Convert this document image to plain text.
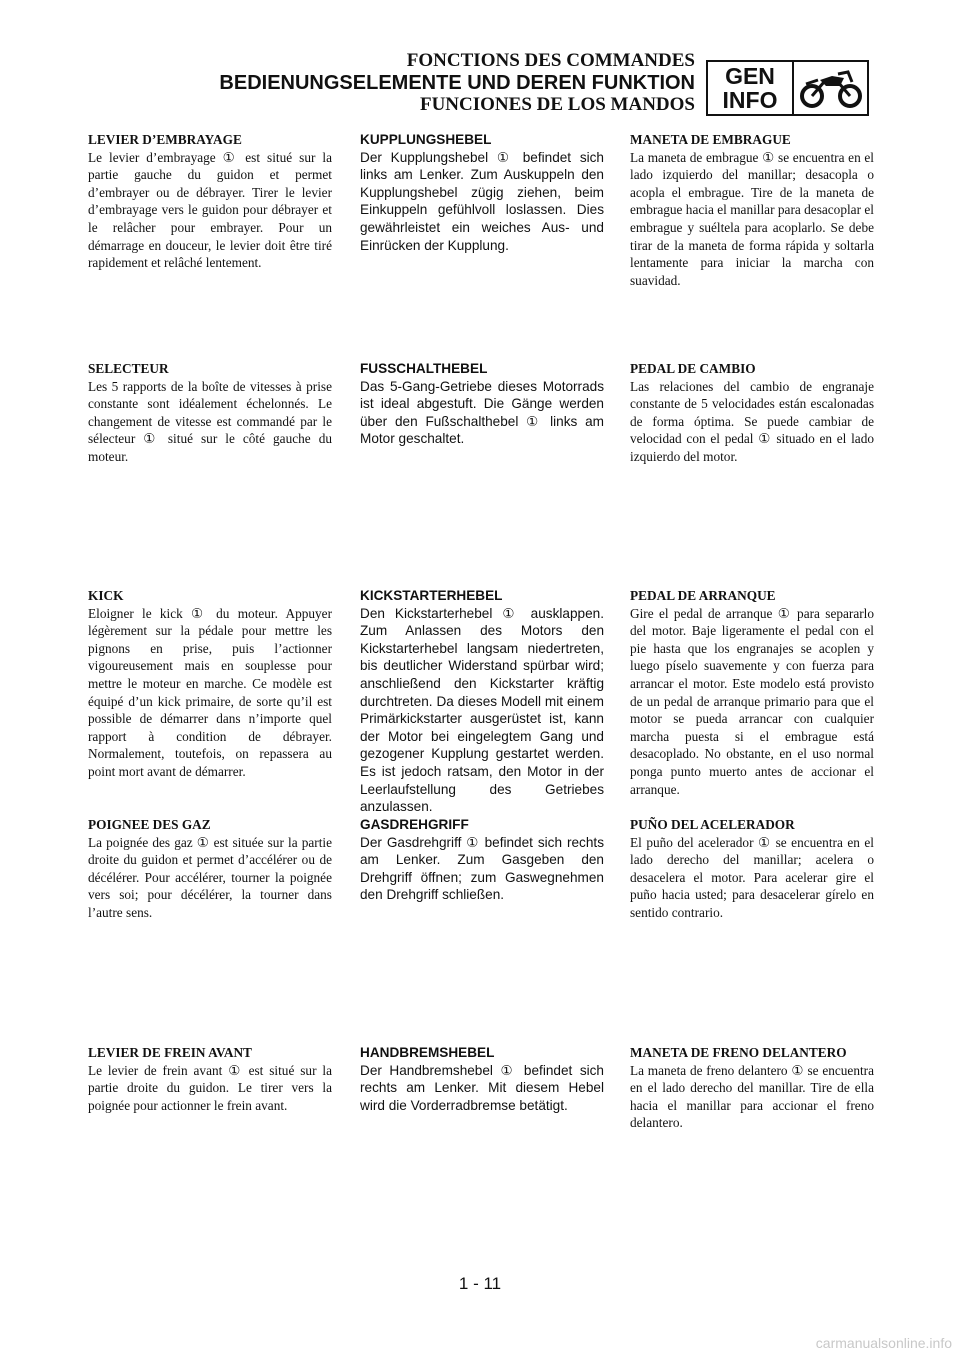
FONCTIONS DES COMMANDES
BEDIENUNGSELEMENTE UND DEREN FUNKTION
FUNCIONES DE LOS MANDOS
GEN
INFO

LEVIER D’EMBRAYAGE

Le levier d’embrayage ① est situé sur la partie gauche du guidon et permet d’embrayer ou de débrayer. Tirer le levier d’embrayage vers le guidon pour débrayer et le relâcher pour embrayer. Pour un démarrage en douceur, le levier doit être tiré rapidement et relâché lentement.

KUPPLUNGSHEBEL

Der Kupplungshebel ① befindet sich links am Lenker. Zum Auskuppeln den Kupplungshebel zügig ziehen, beim Einkuppeln gefühlvoll loslassen. Dies gewährleistet ein weiches Aus- und Einrücken der Kupplung.

MANETA DE EMBRAGUE

La maneta de embrague ① se encuentra en el lado izquierdo del manillar; desacopla o acopla el embrague. Tire de la maneta de embrague hacia el manillar para desacoplar el embrague y suéltela para acoplarlo. Se debe tirar de la maneta de forma rápida y soltarla lentamente para iniciar la marcha con suavidad.

SELECTEUR

Les 5 rapports de la boîte de vitesses à prise constante sont idéalement échelonnés. Le changement de vitesse est commandé par le sélecteur ① situé sur le côté gauche du moteur.

FUSSCHALTHEBEL

Das 5-Gang-Getriebe dieses Motorrads ist ideal abgestuft. Die Gänge werden über den Fußschalthebel ① links am Motor geschaltet.

PEDAL DE CAMBIO

Las relaciones del cambio de engranaje constante de 5 velocidades están escalonadas de forma óptima. Se puede cambiar de velocidad con el pedal ① situado en el lado izquierdo del motor.

KICK

Eloigner le kick ① du moteur. Appuyer légèrement sur la pédale pour mettre les pignons en prise, puis l’actionner vigoureusement mais en souplesse pour mettre le moteur en marche. Ce modèle est équipé d’un kick primaire, de sorte qu’il est possible de démarrer dans n’importe quel rapport à condition de débrayer. Normalement, toutefois, on repassera au point mort avant de démarrer.

KICKSTARTERHEBEL

Den Kickstarterhebel ① ausklappen. Zum Anlassen des Motors den Kickstarterhebel langsam niedertreten, bis deutlicher Widerstand spürbar wird; anschließend den Kickstarter kräftig durchtreten. Da dieses Modell mit einem Primärkickstarter ausgerüstet ist, kann der Motor bei eingelegtem Gang und gezogener Kupplung gestartet werden. Es ist jedoch ratsam, den Motor in der Leerlaufstellung des Getriebes anzulassen.

PEDAL DE ARRANQUE

Gire el pedal de arranque ① para separarlo del motor. Baje ligeramente el pedal con el pie hasta que los engranajes se acoplen y luego píselo suavemente y con fuerza para arrancar el motor. Este modelo está provisto de un pedal de arranque primario para que el motor se pueda arrancar con cualquier marcha puesta si el embrague está desacoplado. No obstante, en el uso normal ponga punto muerto antes de accionar el arranque.

POIGNEE DES GAZ

La poignée des gaz ① est située sur la partie droite du guidon et permet d’accélérer ou de décélérer. Pour accélérer, tourner la poignée vers soi; pour décélérer, la tourner dans l’autre sens.

GASDREHGRIFF

Der Gasdrehgriff ① befindet sich rechts am Lenker. Zum Gasgeben den Drehgriff öffnen; zum Gaswegnehmen den Drehgriff schließen.

PUÑO DEL ACELERADOR

El puño del acelerador ① se encuentra en el lado derecho del manillar; acelera o desacelera el motor. Para acelerar gire el puño hacia usted; para desacelerar gírelo en sentido contrario.

LEVIER DE FREIN AVANT

Le levier de frein avant ① est situé sur la partie droite du guidon. Le tirer vers la poignée pour actionner le frein avant.

HANDBREMSHEBEL

Der Handbremshebel ① befindet sich rechts am Lenker. Mit diesem Hebel wird die Vorderradbremse betätigt.

MANETA DE FRENO DELANTERO

La maneta de freno delantero ① se encuentra en el lado derecho del manillar. Tire de ella hacia el manillar para accionar el freno delantero.

1 - 11
carmanualsonline.info
